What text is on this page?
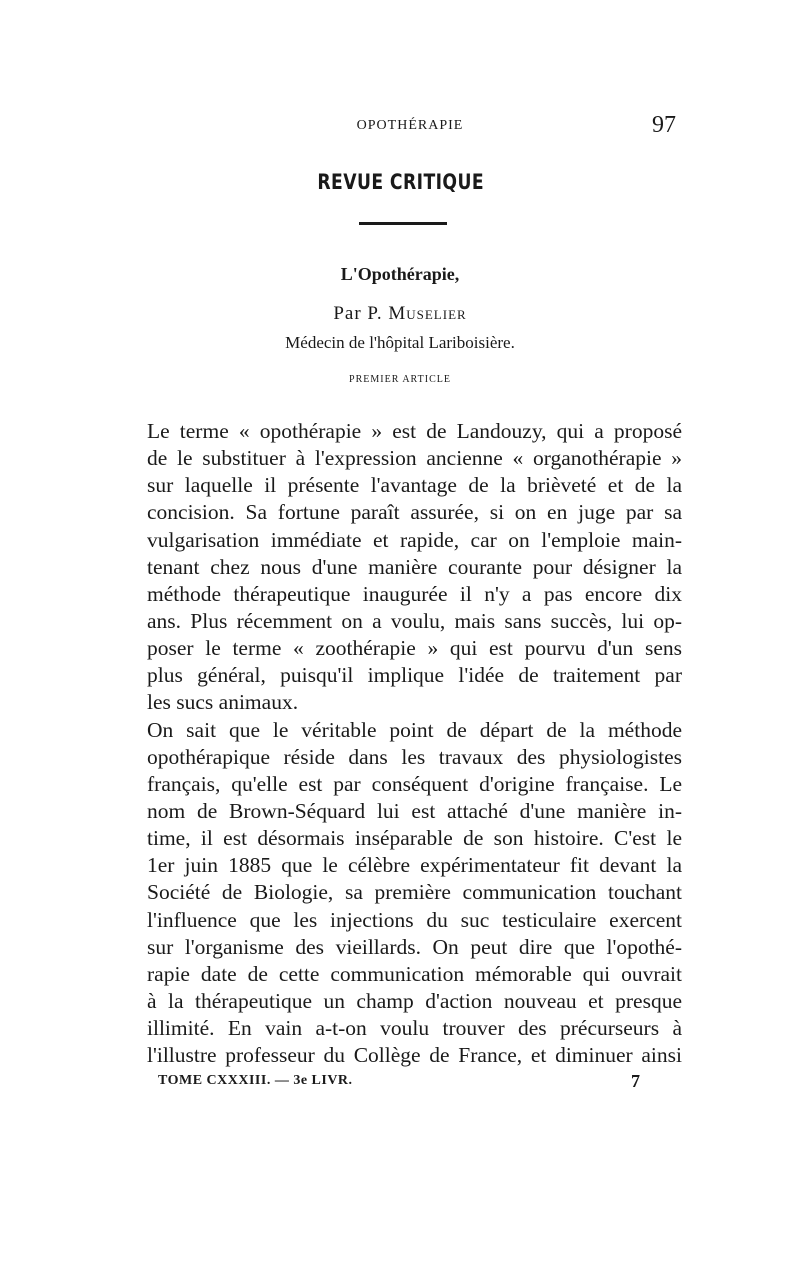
OPOTHÉRAPIE	97
REVUE CRITIQUE
L'Opothérapie,
Par P. Muselier
Médecin de l'hôpital Lariboisière.
PREMIER ARTICLE
Le terme « opothérapie » est de Landouzy, qui a proposé
de le substituer à l'expression ancienne « organothérapie »
sur laquelle il présente l'avantage de la brièveté et de la
concision. Sa fortune paraît assurée, si on en juge par sa
vulgarisation immédiate et rapide, car on l'emploie main-
tenant chez nous d'une manière courante pour désigner la
méthode thérapeutique inaugurée il n'y a pas encore dix
ans. Plus récemment on a voulu, mais sans succès, lui op-
poser le terme « zoothérapie » qui est pourvu d'un sens
plus général, puisqu'il implique l'idée de traitement par
les sucs animaux.
On sait que le véritable point de départ de la méthode
opothérapique réside dans les travaux des physiologistes
français, qu'elle est par conséquent d'origine française. Le
nom de Brown-Séquard lui est attaché d'une manière in-
time, il est désormais inséparable de son histoire. C'est le
1er juin 1885 que le célèbre expérimentateur fit devant la
Société de Biologie, sa première communication touchant
l'influence que les injections du suc testiculaire exercent
sur l'organisme des vieillards. On peut dire que l'opothé-
rapie date de cette communication mémorable qui ouvrait
à la thérapeutique un champ d'action nouveau et presque
illimité. En vain a-t-on voulu trouver des précurseurs à
l'illustre professeur du Collège de France, et diminuer ainsi
TOME CXXXIII. — 3e LIVR.	7
